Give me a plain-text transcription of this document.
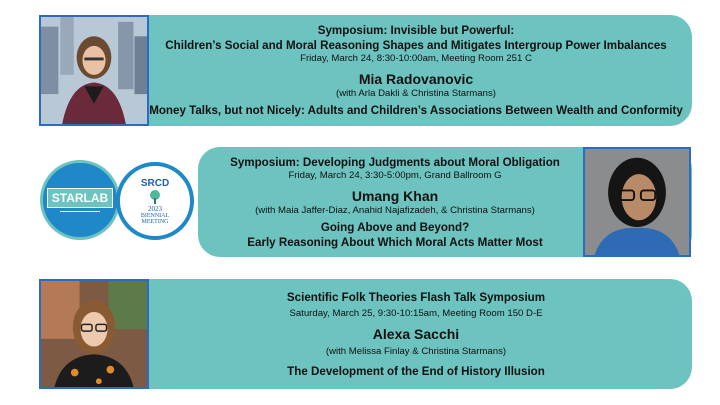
Symposium: Invisible but Powerful:
Children’s Social and Moral Reasoning Shapes and Mitigates Intergroup Power Imbalances
Friday, March 24, 8:30-10:00am, Meeting Room 251 C
Mia Radovanovic
(with Arla Dakli & Christina Starmans)
Money Talks, but not Nicely: Adults and Children’s Associations Between Wealth and Conformity
Symposium: Developing Judgments about Moral Obligation
Friday, March 24, 3:30-5:00pm, Grand Ballroom G
Umang Khan
(with Maia Jaffer-Diaz, Anahid Najafizadeh, & Christina Starmans)
Going Above and Beyond?
Early Reasoning About Which Moral Acts Matter Most
STARLAB
SRCD
2023
BIENNIAL
MEETING
Scientific Folk Theories Flash Talk Symposium
Saturday, March 25, 9:30-10:15am, Meeting Room 150 D-E
Alexa Sacchi
(with Melissa Finlay & Christina Starmans)
The Development of the End of History Illusion
